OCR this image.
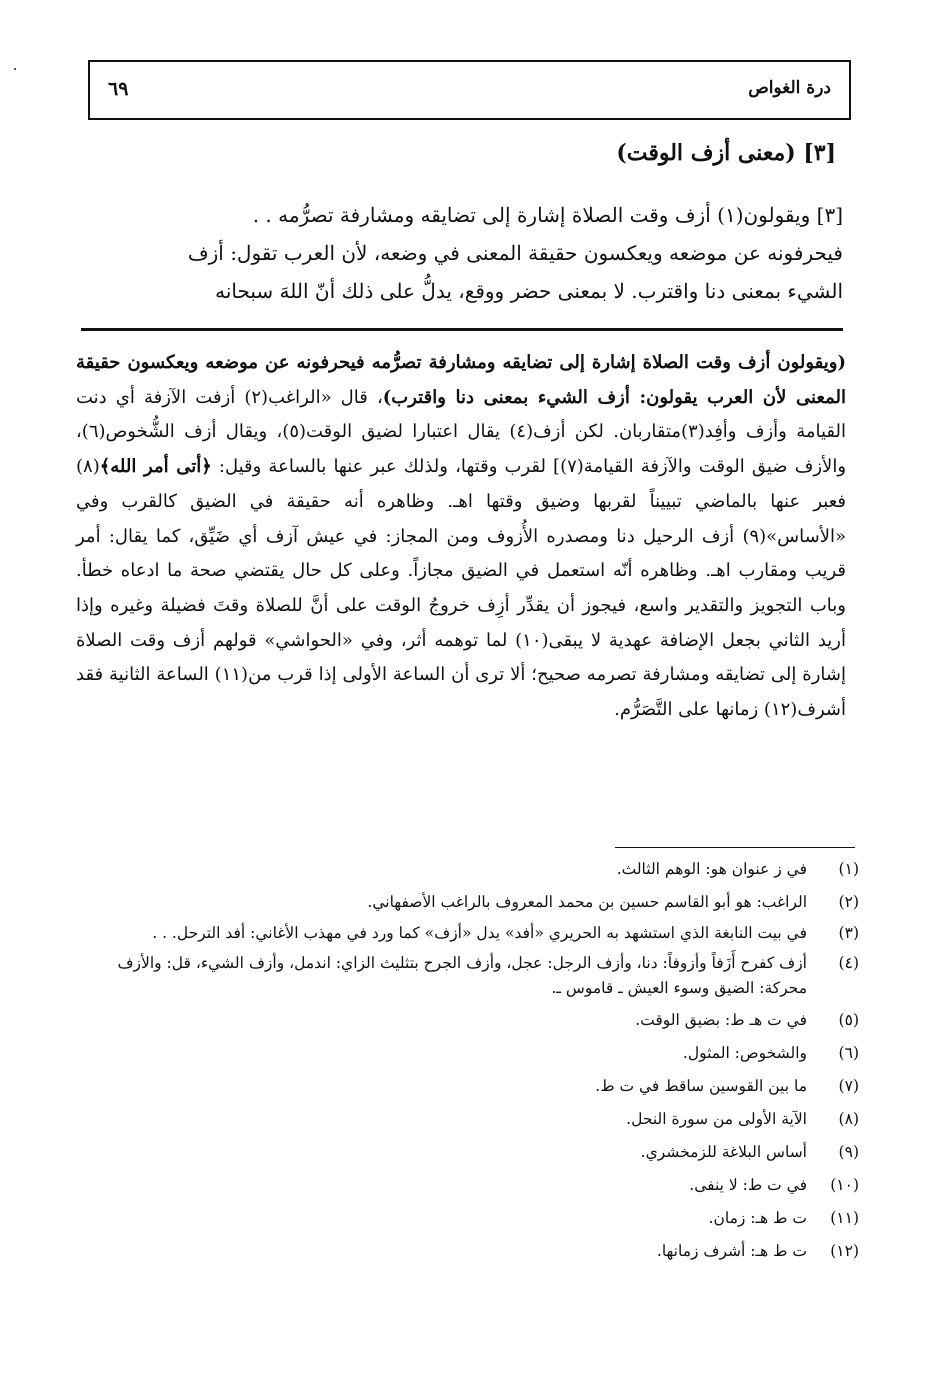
درة الغواص
٦٩
[٣] (معنى أزف الوقت)

[٣] ويقولون(١) أزف وقت الصلاة إشارة إلى تضايقه ومشارفة تصرُّمه . .

فيحرفونه عن موضعه ويعكسون حقيقة المعنى في وضعه، لأن العرب تقول: أزف

الشيء بمعنى دنا واقترب. لا بمعنى حضر ووقع، يدلُّ على ذلك أنّ اللهَ سبحانه

(ويقولون أزف وقت الصلاة إشارة إلى تضايقه ومشارفة تصرُّمه فيحرفونه عن موضعه ويعكسون حقيقة المعنى لأن العرب يقولون: أزف الشيء بمعنى دنا واقترب)، قال «الراغب(٢) أزفت الآزفة أي دنت القيامة وأزف وأفِد(٣)متقاربان. لكن أزف(٤) يقال اعتبارا لضيق الوقت(٥)، ويقال أزف الشُّخوص(٦)، والأزف ضيق الوقت والآزفة القيامة(٧)] لقرب وقتها، ولذلك عبر عنها بالساعة وقيل: ﴿أتى أمر الله﴾(٨) فعبر عنها بالماضي تبييناً لقربها وضيق وقتها اهـ. وظاهره أنه حقيقة في الضيق كالقرب وفي «الأساس»(٩) أزف الرحيل دنا ومصدره الأُزوف ومن المجاز: في عيش آزف أي ضَيِّق، كما يقال: أمر قريب ومقارب اهـ. وظاهره أنّه استعمل في الضيق مجازاً. وعلى كل حال يقتضي صحة ما ادعاه خطأ. وباب التجويز والتقدير واسع، فيجوز أن يقدِّر أزِف خروجُ الوقت على أنَّ للصلاة وقتَ فضيلة وغيره وإذا أريد الثاني بجعل الإضافة عهدية لا يبقى(١٠) لما توهمه أثر، وفي «الحواشي» قولهم أزف وقت الصلاة إشارة إلى تضايقه ومشارفة تصرمه صحيح؛ ألا ترى أن الساعة الأولى إذا قرب من(١١) الساعة الثانية فقد أشرف(١٢) زمانها على التَّصَرُّم.

(١)
في ز عنوان هو: الوهم الثالث.
(٢)
الراغب: هو أبو القاسم حسين بن محمد المعروف بالراغب الأصفهاني.
(٣)
في بيت النابغة الذي استشهد به الحريري «أفد» يدل «أزف» كما ورد في مهذب الأغاني: أفد الترحل. . .
(٤)
أزف كفرح أَزَفاً وأزوفاً: دنا، وأزف الرجل: عجل، وأزف الجرح بتثليث الزاي: اندمل، وأزف الشيء، قل: والأزف محركة: الضيق وسوء العيش ـ قاموس ـ.
(٥)
في ت هـ ط: بضيق الوقت.
(٦)
والشخوص: المثول.
(٧)
ما بين القوسين ساقط في ت ط.
(٨)
الآية الأولى من سورة النحل.
(٩)
أساس البلاغة للزمخشري.
(١٠)
في ت ط: لا ينفى.
(١١)
ت ط هـ: زمان.
(١٢)
ت ط هـ: أشرف زمانها.
